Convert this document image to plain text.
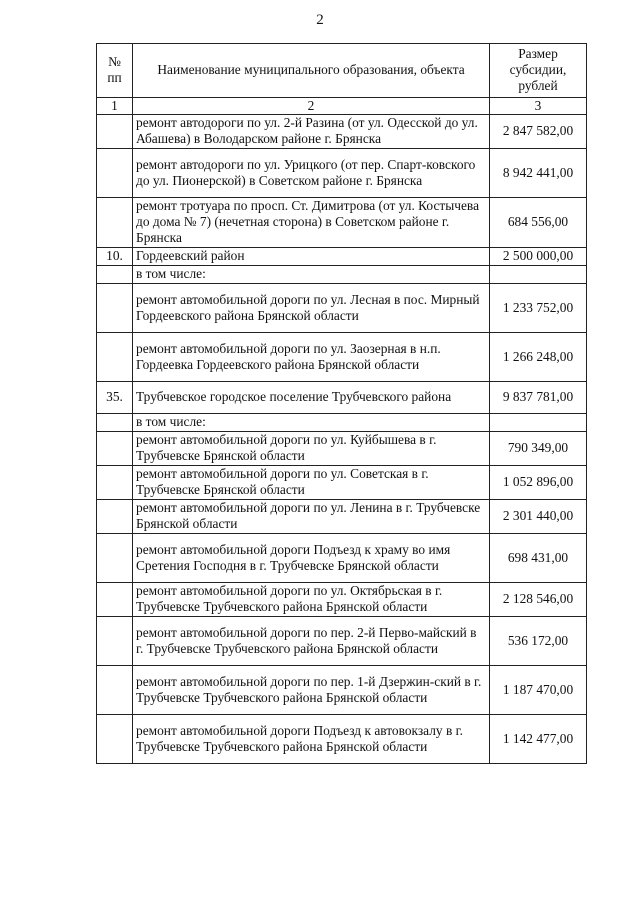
2
№ пп	Наименование муниципального образования, объекта	Размер субсидии, рублей
1	2	3
	ремонт автодороги по ул. 2-й Разина (от ул. Одесской до ул. Абашева) в Володарском районе г. Брянска	2 847 582,00
	ремонт автодороги по ул. Урицкого (от пер. Спарт-ковского до ул. Пионерской) в Советском районе г. Брянска	8 942 441,00
	ремонт тротуара по просп. Ст. Димитрова (от ул. Костычева до дома № 7) (нечетная сторона) в Советском районе г. Брянска	684 556,00
10.	Гордеевский район	2 500 000,00
	в том числе:	
	ремонт автомобильной дороги по ул. Лесная в пос. Мирный Гордеевского района Брянской области	1 233 752,00
	ремонт автомобильной дороги по ул. Заозерная в н.п. Гордеевка Гордеевского района Брянской области	1 266 248,00
35.	Трубчевское городское поселение Трубчевского района	9 837 781,00
	в том числе:	
	ремонт автомобильной дороги по ул. Куйбышева в г. Трубчевске Брянской области	790 349,00
	ремонт автомобильной дороги по ул. Советская в г. Трубчевске Брянской области	1 052 896,00
	ремонт автомобильной дороги по ул. Ленина в г. Трубчевске Брянской области	2 301 440,00
	ремонт автомобильной дороги Подъезд к храму во имя Сретения Господня в г. Трубчевске Брянской области	698 431,00
	ремонт автомобильной дороги по ул. Октябрьская в г. Трубчевске Трубчевского района Брянской области	2 128 546,00
	ремонт автомобильной дороги по пер. 2-й Перво-майский в г. Трубчевске Трубчевского района Брянской области	536 172,00
	ремонт автомобильной дороги по пер. 1-й Дзержин-ский в г. Трубчевске Трубчевского района Брянской области	1 187 470,00
	ремонт автомобильной дороги Подъезд к автовокзалу в г. Трубчевске Трубчевского района Брянской области	1 142 477,00
